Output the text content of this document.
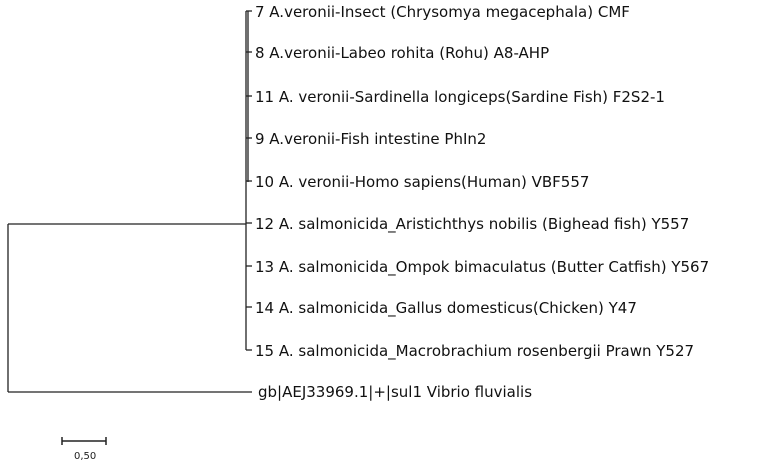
7 A.veronii-Insect (Chrysomya megacephala) CMF
8 A.veronii-Labeo rohita (Rohu) A8-AHP
11 A. veronii-Sardinella longiceps(Sardine Fish) F2S2-1
9 A.veronii-Fish intestine PhIn2
10 A. veronii-Homo sapiens(Human) VBF557
12 A. salmonicida_Aristichthys nobilis (Bighead fish) Y557
13 A. salmonicida_Ompok bimaculatus (Butter Catfish) Y567
14 A. salmonicida_Gallus domesticus(Chicken) Y47
15 A. salmonicida_Macrobrachium rosenbergii Prawn Y527
gb|AEJ33969.1|+|sul1 Vibrio fluvialis
0,50
